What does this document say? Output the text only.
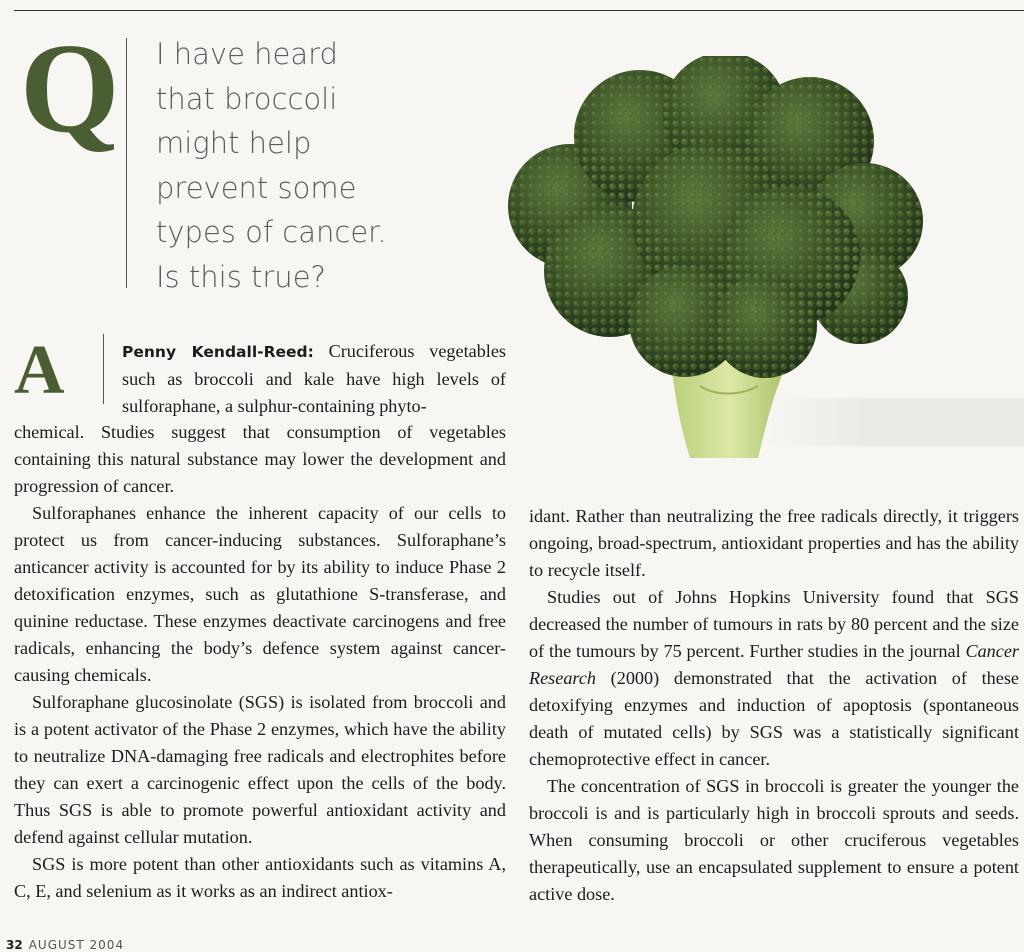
Q I have heard
that broccoli
might help
prevent some
types of cancer.
Is this true?
A	Penny Kendall-Reed: Cruciferous vegetables such as broccoli and kale have high levels of sulforaphane, a sulphur-containing phyto-

chemical. Studies suggest that consumption of vegetables containing this natural substance may lower the development and progression of cancer.

Sulforaphanes enhance the inherent capacity of our cells to protect us from cancer-inducing substances. Sulforaphane’s anticancer activity is accounted for by its ability to induce Phase 2 detoxification enzymes, such as glutathione S-transferase, and quinine reductase. These enzymes deactivate carcinogens and free radicals, enhancing the body’s defence system against cancer-causing chemicals.

Sulforaphane glucosinolate (SGS) is isolated from broccoli and is a potent activator of the Phase 2 enzymes, which have the ability to neutralize DNA-damaging free radicals and electrophites before they can exert a carcinogenic effect upon the cells of the body. Thus SGS is able to promote powerful antioxidant activity and defend against cellular mutation.

SGS is more potent than other antioxidants such as vitamins A, C, E, and selenium as it works as an indirect antiox-

idant. Rather than neutralizing the free radicals directly, it triggers ongoing, broad-spectrum, antioxidant properties and has the ability to recycle itself.

Studies out of Johns Hopkins University found that SGS decreased the number of tumours in rats by 80 percent and the size of the tumours by 75 percent. Further studies in the journal Cancer Research (2000) demonstrated that the activation of these detoxifying enzymes and induction of apoptosis (spontaneous death of mutated cells) by SGS was a statistically significant chemoprotective effect in cancer.

The concentration of SGS in broccoli is greater the younger the broccoli is and is particularly high in broccoli sprouts and seeds. When consuming broccoli or other cruciferous vegetables therapeutically, use an encapsulated supplement to ensure a potent active dose.

32 AUGUST 2004
